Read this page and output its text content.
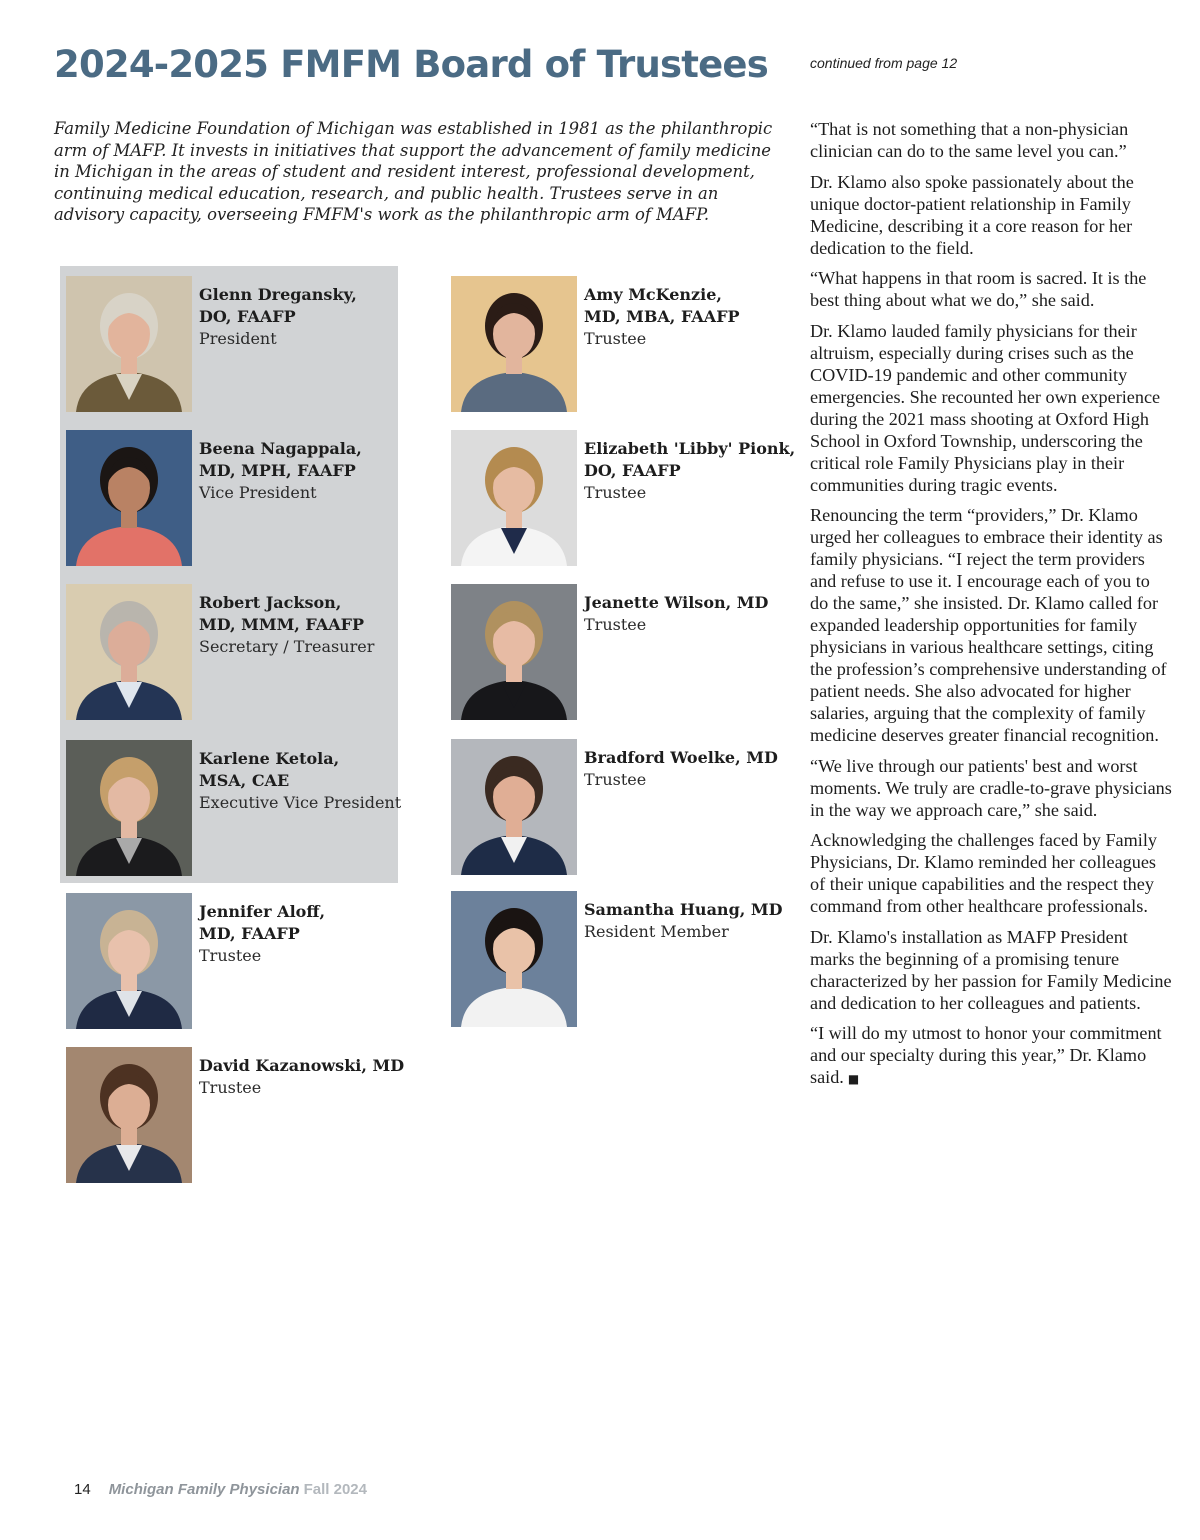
2024-2025 FMFM Board of Trustees	continued from page 12

Family Medicine Foundation of Michigan was established in 1981 as the philanthropic arm of MAFP. It invests in initiatives that support the advancement of family medicine in Michigan in the areas of student and resident interest, professional development, continuing medical education, research, and public health. Trustees serve in an advisory capacity, overseeing FMFM's work as the philanthropic arm of MAFP.

Glenn Dregansky,
DO, FAAFP

President

Beena Nagappala,
MD, MPH, FAAFP

Vice President

Robert Jackson,
MD, MMM, FAAFP

Secretary / Treasurer

Karlene Ketola,
MSA, CAE

Executive Vice President

Jennifer Aloff,
MD, FAAFP

Trustee

David Kazanowski, MD

Trustee

Amy McKenzie,
MD, MBA, FAAFP

Trustee

Elizabeth 'Libby' Pionk,
DO, FAAFP

Trustee

Jeanette Wilson, MD

Trustee

Bradford Woelke, MD

Trustee

Samantha Huang, MD

Resident Member

“That is not something that a non-physician clinician can do to the same level you can.”

Dr. Klamo also spoke passionately about the unique doctor-patient relationship in Family Medicine, describing it a core reason for her dedication to the field.

“What happens in that room is sacred. It is the best thing about what we do,” she said.

Dr. Klamo lauded family physicians for their altruism, especially during crises such as the COVID-19 pandemic and other community emergencies. She recounted her own experience during the 2021 mass shooting at Oxford High School in Oxford Township, underscoring the critical role Family Physicians play in their communities during tragic events.

Renouncing the term “providers,” Dr. Klamo urged her colleagues to embrace their identity as family physicians. “I reject the term providers and refuse to use it. I encourage each of you to do the same,” she insisted. Dr. Klamo called for expanded leadership opportunities for family physicians in various healthcare settings, citing the profession’s comprehensive understanding of patient needs. She also advocated for higher salaries, arguing that the complexity of family medicine deserves greater financial recognition.

“We live through our patients' best and worst moments. We truly are cradle-to-grave physicians in the way we approach care,” she said.

Acknowledging the challenges faced by Family Physicians, Dr. Klamo reminded her colleagues of their unique capabilities and the respect they command from other healthcare professionals.

Dr. Klamo's installation as MAFP President marks the beginning of a promising tenure characterized by her passion for Family Medicine and dedication to her colleagues and patients.

“I will do my utmost to honor your commitment and our specialty during this year,” Dr. Klamo said. ■

14 Michigan Family Physician Fall 2024
